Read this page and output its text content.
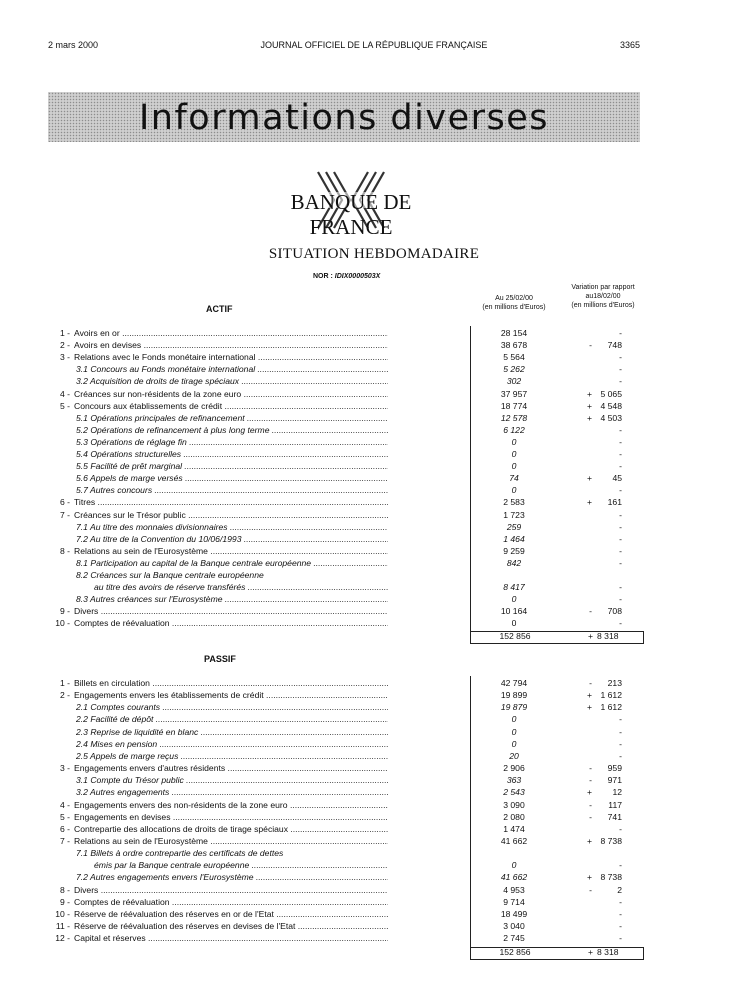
2 mars 2000	JOURNAL OFFICIEL DE LA RÉPUBLIQUE FRANÇAISE	3365
Informations diverses
BANQUE DE FRANCE
SITUATION HEBDOMADAIRE
NOR : IDIX0000503X
Au 25/02/00
(en millions d'Euros)
Variation par rapport
au18/02/00
(en millions d'Euros)
ACTIF
1 - Avoirs en or .....	28 154	-
2 - Avoirs en devises .....	38 678	-	748
3 - Relations avec le Fonds monétaire international .....	5 564	-
3.1 Concours au Fonds monétaire international .....	5 262	-
3.2 Acquisition de droits de tirage spéciaux .....	302	-
4 - Créances sur non-résidents de la zone euro .....	37 957	+ 5 065
5 - Concours aux établissements de crédit .....	18 774	+ 4 548
5.1 Opérations principales de refinancement .....	12 578	+ 4 503
5.2 Opérations de refinancement à plus long terme .....	6 122	-
5.3 Opérations de réglage fin .....	0	-
5.4 Opérations structurelles .....	0	-
5.5 Facilité de prêt marginal .....	0	-
5.6 Appels de marge versés .....	74	+	45
5.7 Autres concours .....	0	-
6 - Titres .....	2 583	+	161
7 - Créances sur le Trésor public .....	1 723	-
7.1 Au titre des monnaies divisionnaires .....	259	-
7.2 Au titre de la Convention du 10/06/1993 .....	1 464	-
8 - Relations au sein de l'Eurosystème .....	9 259	-
8.1 Participation au capital de la Banque centrale européenne .....	842	-
8.2 Créances sur la Banque centrale européenne
au titre des avoirs de réserve transférés .....	8 417	-
8.3 Autres créances sur l'Eurosystème .....	0	-
9 - Divers .....	10 164	-	708
10 - Comptes de réévaluation .....	0	-
152 856	+ 8 318
PASSIF
1 - Billets en circulation .....	42 794	-	213
2 - Engagements envers les établissements de crédit .....	19 899	+ 1 612
2.1 Comptes courants .....	19 879	+ 1 612
2.2 Facilité de dépôt .....	0	-
2.3 Reprise de liquidité en blanc .....	0	-
2.4 Mises en pension .....	0	-
2.5 Appels de marge reçus .....	20	-
3 - Engagements envers d'autres résidents .....	2 906	-	959
3.1 Compte du Trésor public .....	363	-	971
3.2 Autres engagements .....	2 543	+	12
4 - Engagements envers des non-résidents de la zone euro .....	3 090	-	117
5 - Engagements en devises .....	2 080	-	741
6 - Contrepartie des allocations de droits de tirage spéciaux .....	1 474	-
7 - Relations au sein de l'Eurosystème .....	41 662	+ 8 738
7.1 Billets à ordre contrepartie des certificats de dettes
émis par la Banque centrale européenne .....	0	-
7.2 Autres engagements envers l'Eurosystème .....	41 662	+ 8 738
8 - Divers .....	4 953	-	2
9 - Comptes de réévaluation .....	9 714	-
10 - Réserve de réévaluation des réserves en or de l'Etat .....	18 499	-
11 - Réserve de réévaluation des réserves en devises de l'Etat .....	3 040	-
12 - Capital et réserves .....	2 745	-
152 856	+ 8 318
